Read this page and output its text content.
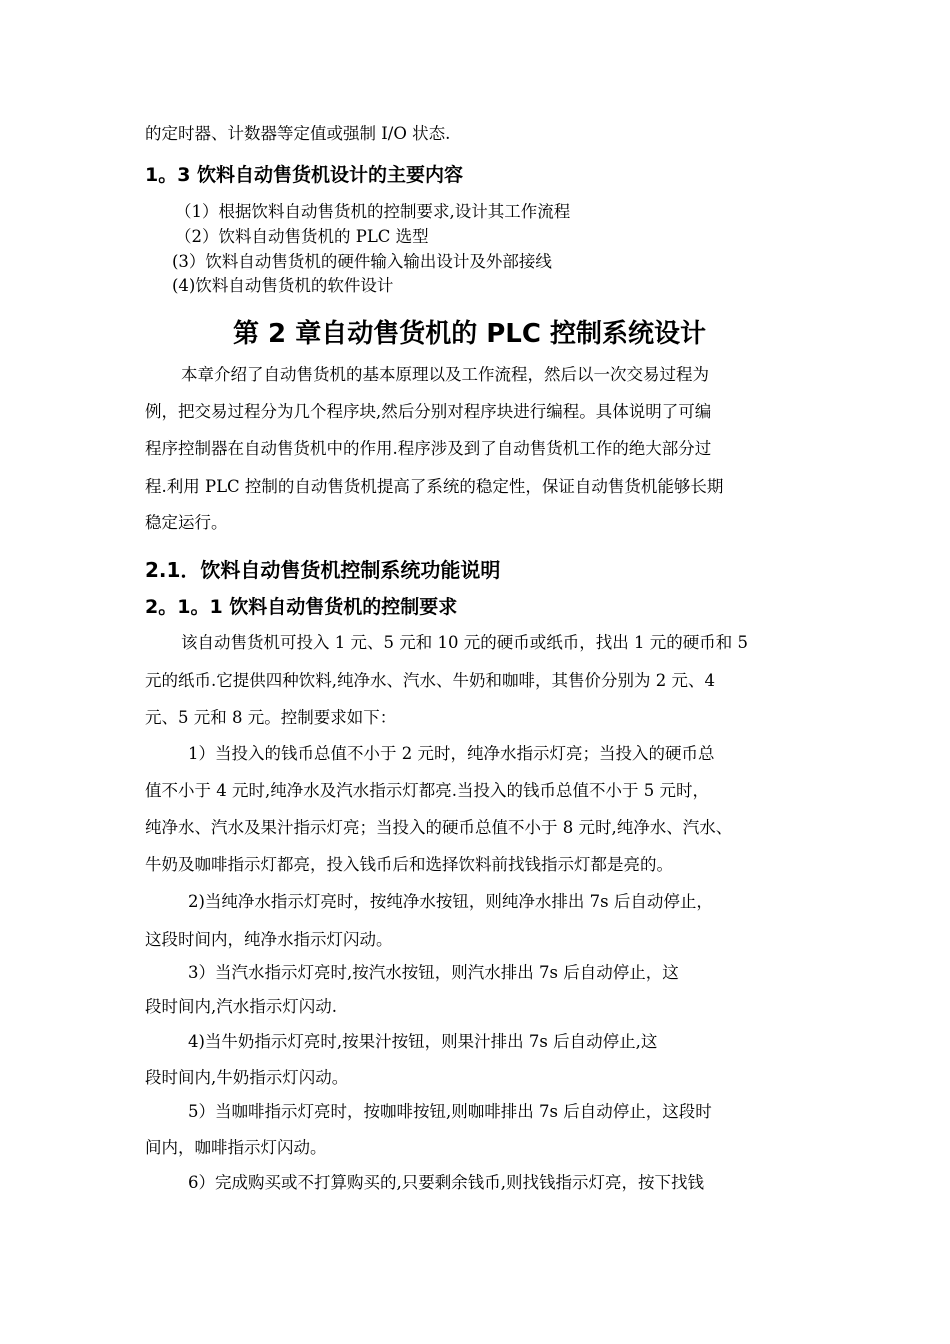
的定时器、计数器等定值或强制 I/O 状态.
1。3 饮料自动售货机设计的主要内容
（1）根据饮料自动售货机的控制要求,设计其工作流程
（2）饮料自动售货机的 PLC 选型
(3）饮料自动售货机的硬件输入输出设计及外部接线
(4)饮料自动售货机的软件设计
第 2 章自动售货机的 PLC 控制系统设计
本章介绍了自动售货机的基本原理以及工作流程，然后以一次交易过程为
例，把交易过程分为几个程序块,然后分别对程序块进行编程。具体说明了可编
程序控制器在自动售货机中的作用.程序涉及到了自动售货机工作的绝大部分过
程.利用 PLC 控制的自动售货机提高了系统的稳定性，保证自动售货机能够长期
稳定运行。
2.1．饮料自动售货机控制系统功能说明
2。1。1 饮料自动售货机的控制要求
该自动售货机可投入 1 元、5 元和 10 元的硬币或纸币，找出 1 元的硬币和 5
元的纸币.它提供四种饮料,纯净水、汽水、牛奶和咖啡，其售价分别为 2 元、4
元、5 元和 8 元。控制要求如下：
1）当投入的钱币总值不小于 2 元时，纯净水指示灯亮；当投入的硬币总
值不小于 4 元时,纯净水及汽水指示灯都亮.当投入的钱币总值不小于 5 元时，
纯净水、汽水及果汁指示灯亮；当投入的硬币总值不小于 8 元时,纯净水、汽水、
牛奶及咖啡指示灯都亮，投入钱币后和选择饮料前找钱指示灯都是亮的。
2)当纯净水指示灯亮时，按纯净水按钮，则纯净水排出 7s 后自动停止，
这段时间内，纯净水指示灯闪动。
3）当汽水指示灯亮时,按汽水按钮，则汽水排出 7s 后自动停止，这
段时间内,汽水指示灯闪动.
4)当牛奶指示灯亮时,按果汁按钮，则果汁排出 7s 后自动停止,这
段时间内,牛奶指示灯闪动。
5）当咖啡指示灯亮时，按咖啡按钮,则咖啡排出 7s 后自动停止，这段时
间内，咖啡指示灯闪动。
6）完成购买或不打算购买的,只要剩余钱币,则找钱指示灯亮，按下找钱
